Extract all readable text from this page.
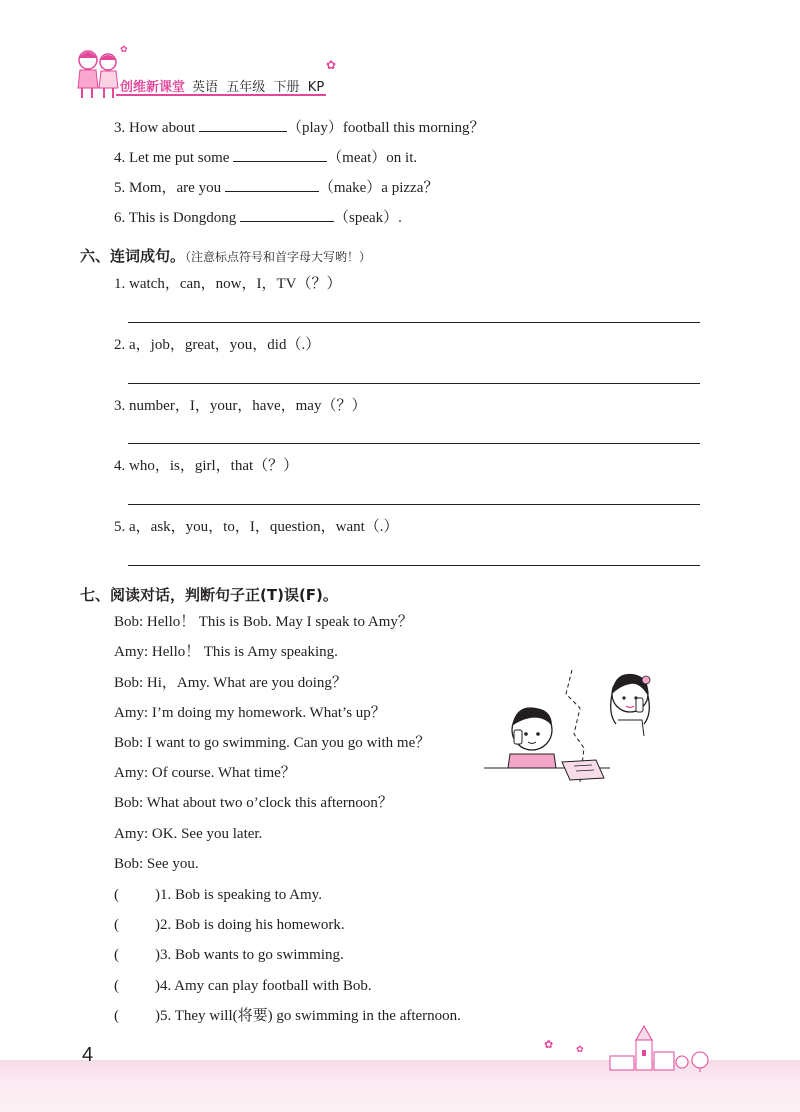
✿
创维新课堂 英语  五年级  下册  KP
✿
3. How about	（play）football this morning？
4. Let me put some	（meat）on it.
5. Mom，are you	（make）a pizza？
6. This is Dongdong	（speak）.
六、连词成句。（注意标点符号和首字母大写哟！）
1. watch，can，now，I，TV（？）
2. a，job，great，you，did（.）
3. number，I，your，have，may（？）
4. who，is，girl，that（？）
5. a，ask，you，to，I，question，want（.）
七、阅读对话，判断句子正(T)误(F)。
Bob: Hello！ This is Bob. May I speak to Amy？
Amy: Hello！ This is Amy speaking.
Bob: Hi，Amy. What are you doing？
Amy: I’m doing my homework. What’s up？
Bob: I want to go swimming. Can you go with me？
Amy: Of course. What time？
Bob: What about two o’clock this afternoon？
Amy: OK. See you later.
Bob: See you.
( )1. Bob is speaking to Amy.
( )2. Bob is doing his homework.
( )3. Bob wants to go swimming.
( )4. Amy can play football with Bob.
( )5. They will(将要) go swimming in the afternoon.
4	✿	✿
